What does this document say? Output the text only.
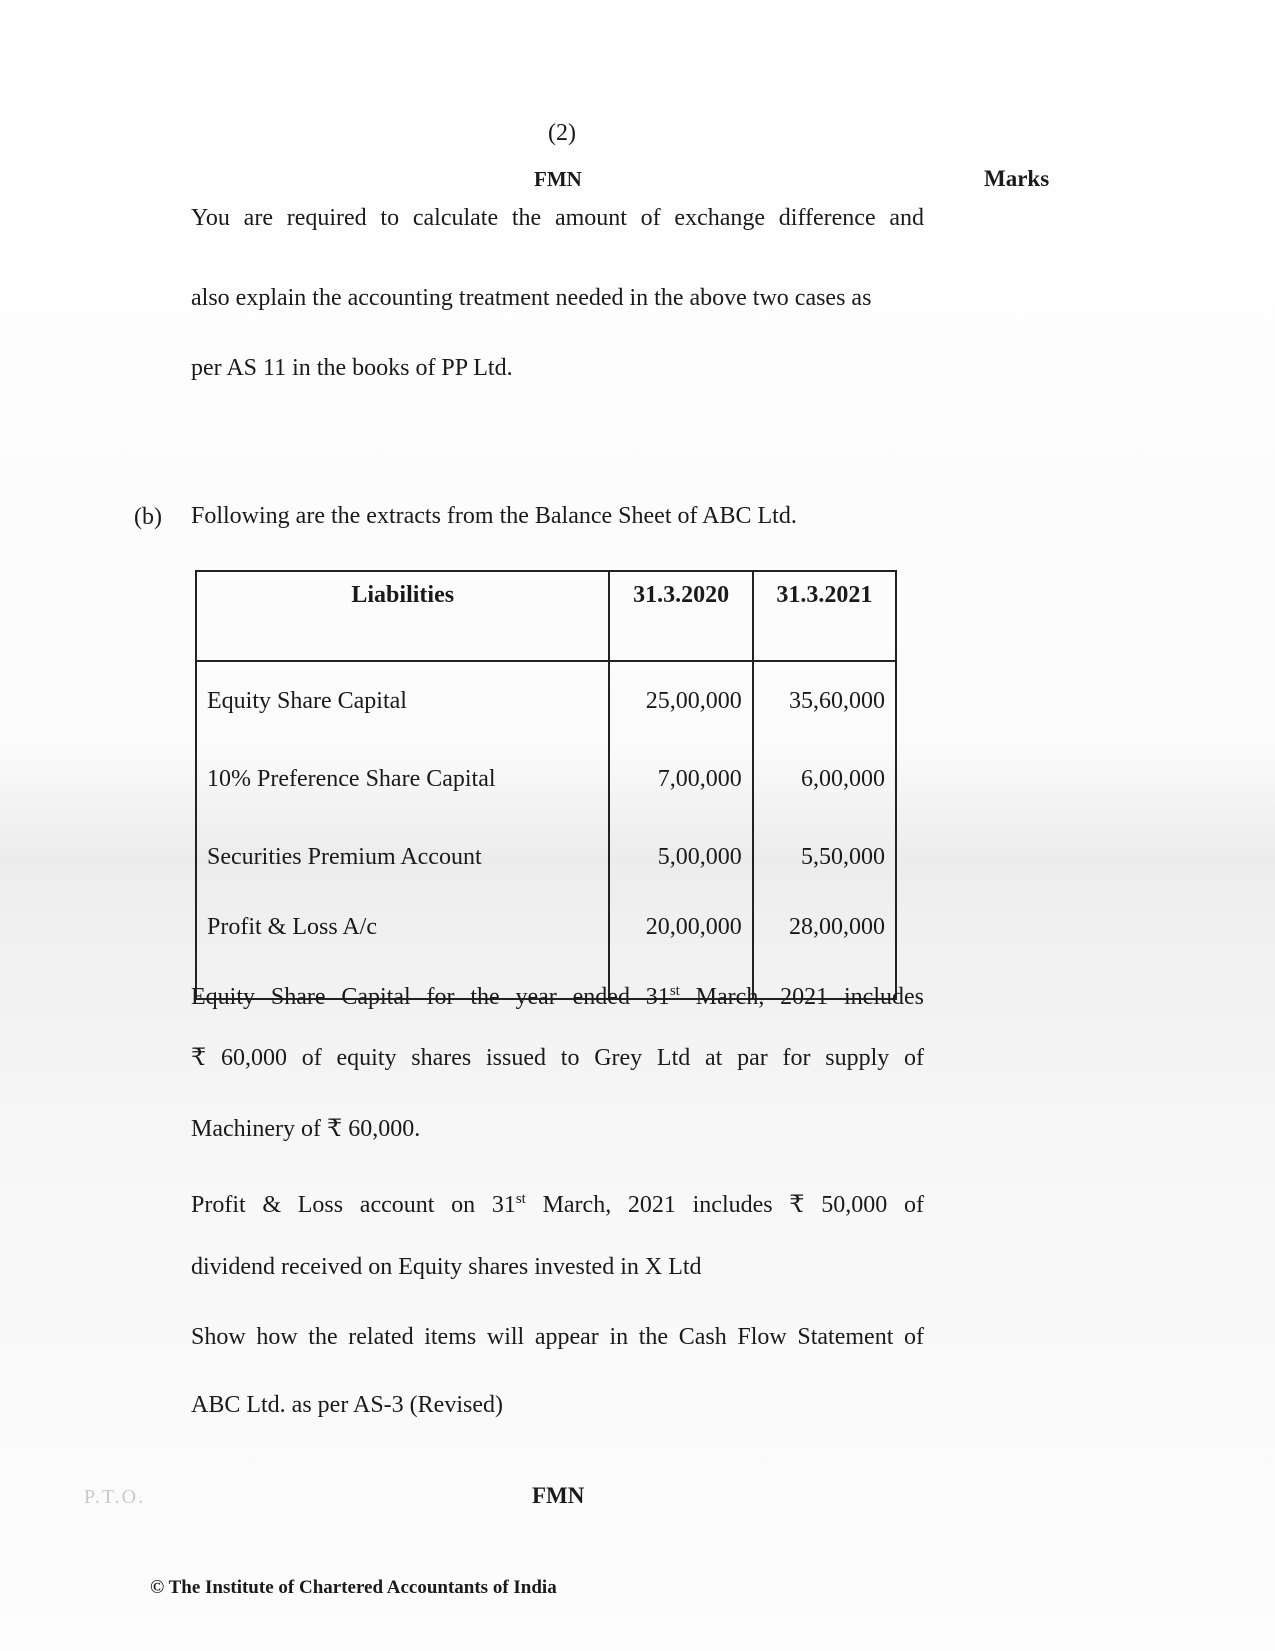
(2)
FMN	Marks
You are required to calculate the amount of exchange difference and
also explain the accounting treatment needed in the above two cases as
per AS 11 in the books of PP Ltd.
(b) Following are the extracts from the Balance Sheet of ABC Ltd.
Liabilities	31.3.2020	31.3.2021
Equity Share Capital	25,00,000	35,60,000
10% Preference Share Capital	7,00,000	6,00,000
Securities Premium Account	5,00,000	5,50,000
Profit & Loss A/c	20,00,000	28,00,000
Equity Share Capital for the year ended 31st March, 2021 includes
₹ 60,000 of equity shares issued to Grey Ltd at par for supply of
Machinery of ₹ 60,000.
Profit & Loss account on 31st March, 2021 includes ₹ 50,000 of
dividend received on Equity shares invested in X Ltd
Show how the related items will appear in the Cash Flow Statement of
ABC Ltd. as per AS-3 (Revised)
P.T.O.	FMN
© The Institute of Chartered Accountants of India
